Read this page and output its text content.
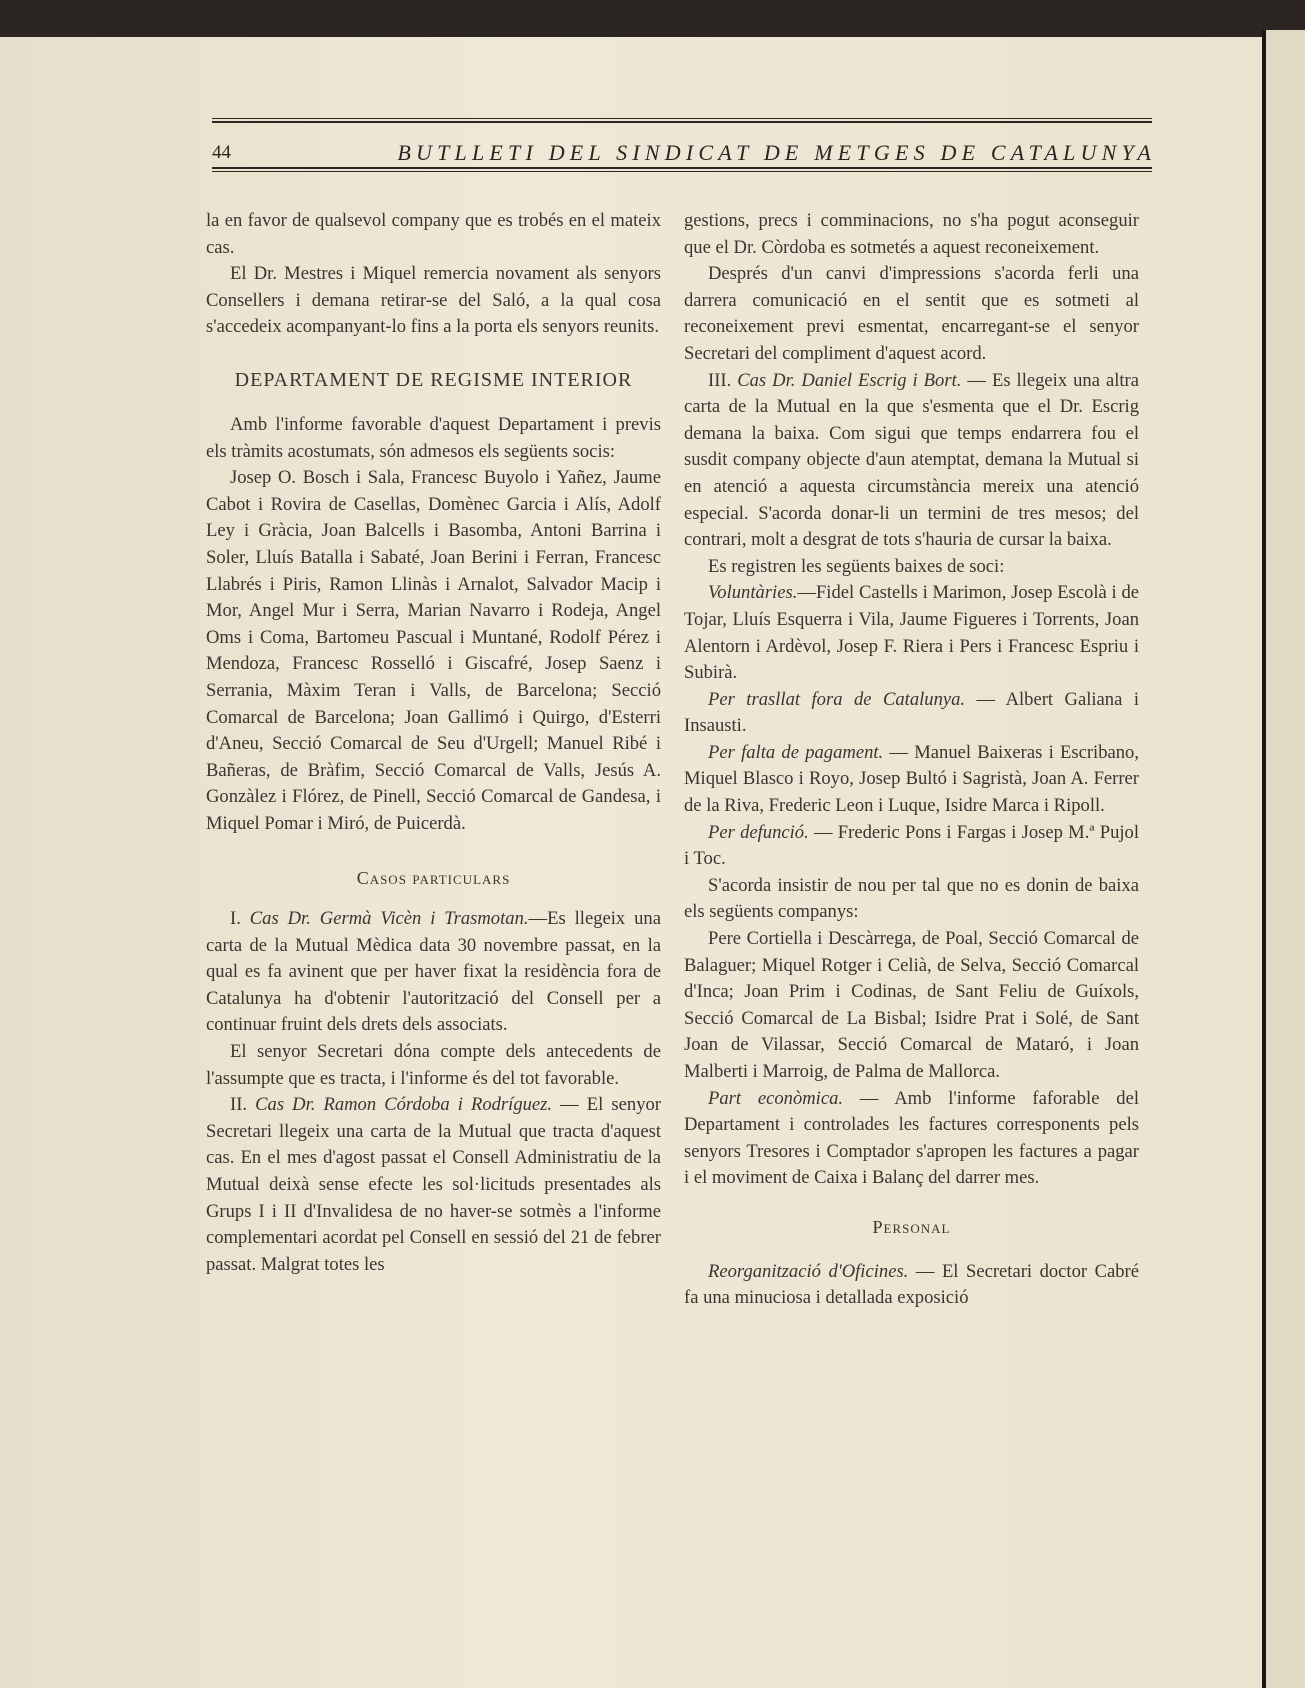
44	BUTLLETI DEL SINDICAT DE METGES DE CATALUNYA

la en favor de qualsevol company que es trobés en el mateix cas.

El Dr. Mestres i Miquel remercia novament als senyors Consellers i demana retirar-se del Saló, a la qual cosa s'accedeix acompanyant-lo fins a la porta els senyors reunits.

DEPARTAMENT DE REGISME INTERIOR

Amb l'informe favorable d'aquest Departament i previs els tràmits acostumats, són admesos els següents socis:

Josep O. Bosch i Sala, Francesc Buyolo i Yañez, Jaume Cabot i Rovira de Casellas, Domènec Garcia i Alís, Adolf Ley i Gràcia, Joan Balcells i Basomba, Antoni Barrina i Soler, Lluís Batalla i Sabaté, Joan Berini i Ferran, Francesc Llabrés i Piris, Ramon Llinàs i Arnalot, Salvador Macip i Mor, Angel Mur i Serra, Marian Navarro i Rodeja, Angel Oms i Coma, Bartomeu Pascual i Muntané, Rodolf Pérez i Mendoza, Francesc Rosselló i Giscafré, Josep Saenz i Serrania, Màxim Teran i Valls, de Barcelona; Secció Comarcal de Barcelona; Joan Gallimó i Quirgo, d'Esterri d'Aneu, Secció Comarcal de Seu d'Urgell; Manuel Ribé i Bañeras, de Bràfim, Secció Comarcal de Valls, Jesús A. Gonzàlez i Flórez, de Pinell, Secció Comarcal de Gandesa, i Miquel Pomar i Miró, de Puicerdà.

Casos particulars

I. Cas Dr. Germà Vicèn i Trasmotan.—Es llegeix una carta de la Mutual Mèdica data 30 novembre passat, en la qual es fa avinent que per haver fixat la residència fora de Catalunya ha d'obtenir l'autorització del Consell per a continuar fruint dels drets dels associats.

El senyor Secretari dóna compte dels antecedents de l'assumpte que es tracta, i l'informe és del tot favorable.

II. Cas Dr. Ramon Córdoba i Rodríguez. — El senyor Secretari llegeix una carta de la Mutual que tracta d'aquest cas. En el mes d'agost passat el Consell Administratiu de la Mutual deixà sense efecte les sol·licituds presentades als Grups I i II d'Invalidesa de no haver-se sotmès a l'informe complementari acordat pel Consell en sessió del 21 de febrer passat. Malgrat totes les

gestions, precs i comminacions, no s'ha pogut aconseguir que el Dr. Còrdoba es sotmetés a aquest reconeixement.

Després d'un canvi d'impressions s'acorda ferli una darrera comunicació en el sentit que es sotmeti al reconeixement previ esmentat, encarregant-se el senyor Secretari del compliment d'aquest acord.

III. Cas Dr. Daniel Escrig i Bort. — Es llegeix una altra carta de la Mutual en la que s'esmenta que el Dr. Escrig demana la baixa. Com sigui que temps endarrera fou el susdit company objecte d'aun atemptat, demana la Mutual si en atenció a aquesta circumstància mereix una atenció especial. S'acorda donar-li un termini de tres mesos; del contrari, molt a desgrat de tots s'hauria de cursar la baixa.

Es registren les següents baixes de soci:

Voluntàries.—Fidel Castells i Marimon, Josep Escolà i de Tojar, Lluís Esquerra i Vila, Jaume Figueres i Torrents, Joan Alentorn i Ardèvol, Josep F. Riera i Pers i Francesc Espriu i Subirà.

Per trasllat fora de Catalunya. — Albert Galiana i Insausti.

Per falta de pagament. — Manuel Baixeras i Escribano, Miquel Blasco i Royo, Josep Bultó i Sagristà, Joan A. Ferrer de la Riva, Frederic Leon i Luque, Isidre Marca i Ripoll.

Per defunció. — Frederic Pons i Fargas i Josep M.ª Pujol i Toc.

S'acorda insistir de nou per tal que no es donin de baixa els següents companys:

Pere Cortiella i Descàrrega, de Poal, Secció Comarcal de Balaguer; Miquel Rotger i Celià, de Selva, Secció Comarcal d'Inca; Joan Prim i Codinas, de Sant Feliu de Guíxols, Secció Comarcal de La Bisbal; Isidre Prat i Solé, de Sant Joan de Vilassar, Secció Comarcal de Mataró, i Joan Malberti i Marroig, de Palma de Mallorca.

Part econòmica. — Amb l'informe faforable del Departament i controlades les factures corresponents pels senyors Tresores i Comptador s'apropen les factures a pagar i el moviment de Caixa i Balanç del darrer mes.

Personal

Reorganització d'Oficines. — El Secretari doctor Cabré fa una minuciosa i detallada exposició
